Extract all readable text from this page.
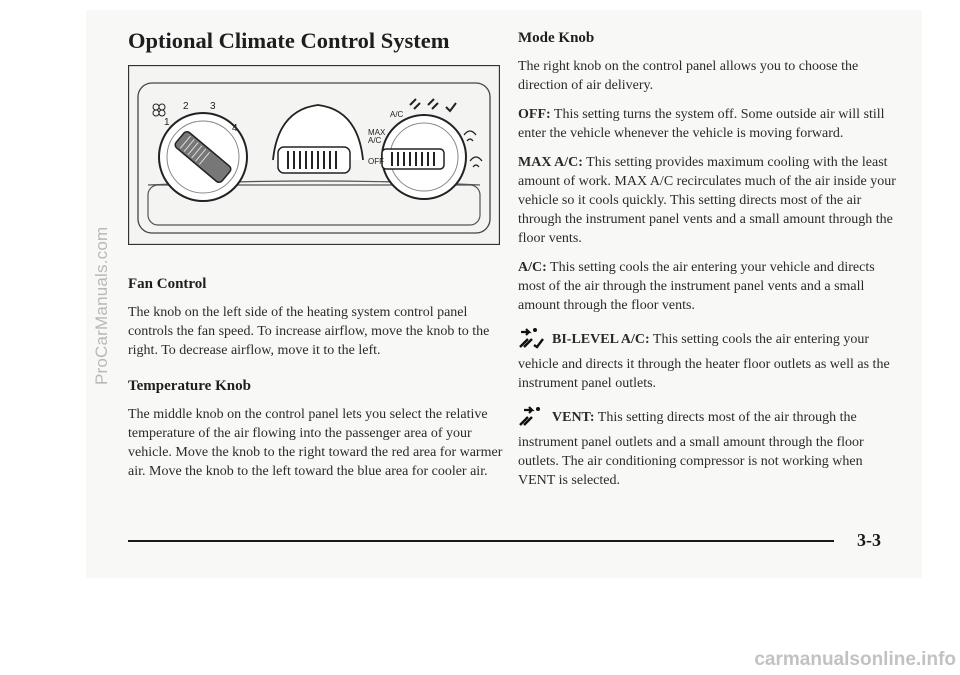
Optional Climate Control System
1
2 3
4
A/C
MAX
A/C
OFF
Fan Control

The knob on the left side of the heating system control panel controls the fan speed. To increase airflow, move the knob to the right. To decrease airflow, move it to the left.

Temperature Knob

The middle knob on the control panel lets you select the relative temperature of the air flowing into the passenger area of your vehicle. Move the knob to the right toward the red area for warmer air. Move the knob to the left toward the blue area for cooler air.

Mode Knob

The right knob on the control panel allows you to choose the direction of air delivery.

OFF: This setting turns the system off. Some outside air will still enter the vehicle whenever the vehicle is moving forward.

MAX A/C: This setting provides maximum cooling with the least amount of work. MAX A/C recirculates much of the air inside your vehicle so it cools quickly. This setting directs most of the air through the instrument panel vents and a small amount through the floor vents.

A/C: This setting cools the air entering your vehicle and directs most of the air through the instrument panel vents and a small amount through the floor vents.

BI-LEVEL A/C: This setting cools the air entering your vehicle and directs it through the heater floor outlets as well as the instrument panel outlets.

VENT: This setting directs most of the air through the instrument panel outlets and a small amount through the floor outlets. The air conditioning compressor is not working when VENT is selected.

3-3
ProCarManuals.com
carmanualsonline.info
